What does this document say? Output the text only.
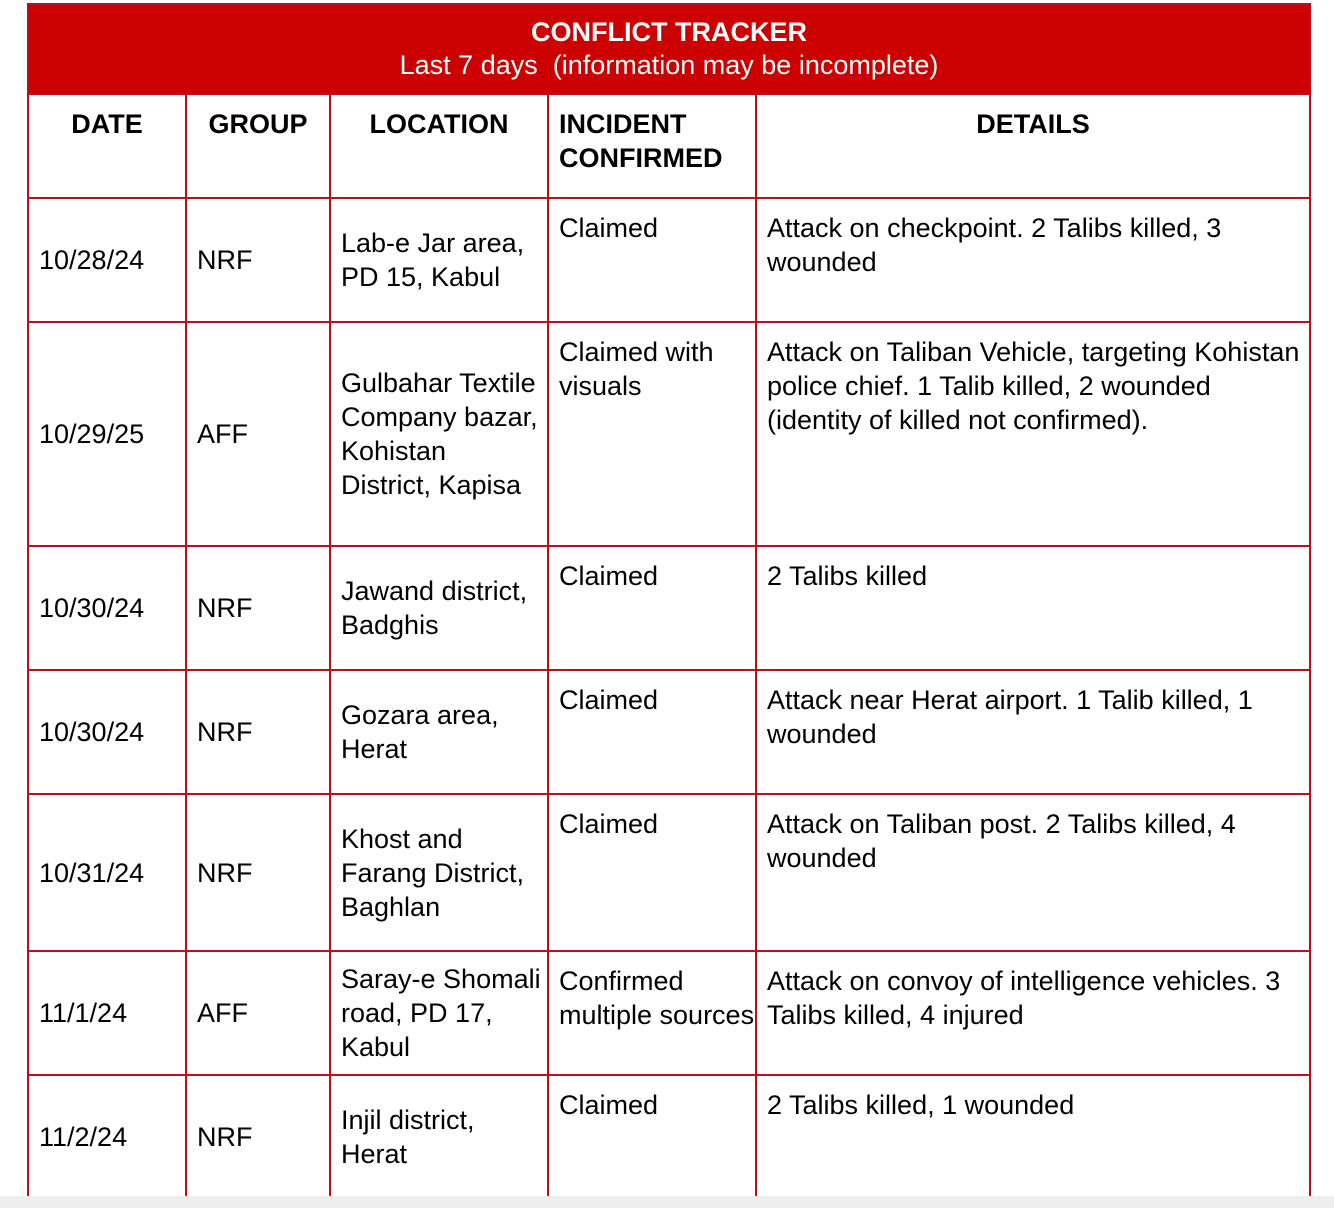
CONFLICT TRACKER
Last 7 days  (information may be incomplete)				

DATE	GROUP	LOCATION	INCIDENT CONFIRMED	DETAILS
10/28/24	NRF	Lab-e Jar area, PD 15, Kabul	Claimed	Attack on checkpoint. 2 Talibs killed, 3 wounded
10/29/25	AFF	Gulbahar Textile Company bazar, Kohistan District, Kapisa	Claimed with visuals	Attack on Taliban Vehicle, targeting Kohistan police chief. 1 Talib killed, 2 wounded (identity of killed not confirmed).
10/30/24	NRF	Jawand district, Badghis	Claimed	2 Talibs killed
10/30/24	NRF	Gozara area, Herat	Claimed	Attack near Herat airport. 1 Talib killed, 1 wounded
10/31/24	NRF	Khost and Farang District, Baghlan	Claimed	Attack on Taliban post. 2 Talibs killed, 4 wounded
11/1/24	AFF	Saray-e Shomali road, PD 17, Kabul	Confirmed multiple sources	Attack on convoy of intelligence vehicles. 3 Talibs killed, 4 injured
11/2/24	NRF	Injil district, Herat	Claimed	2 Talibs killed, 1 wounded
